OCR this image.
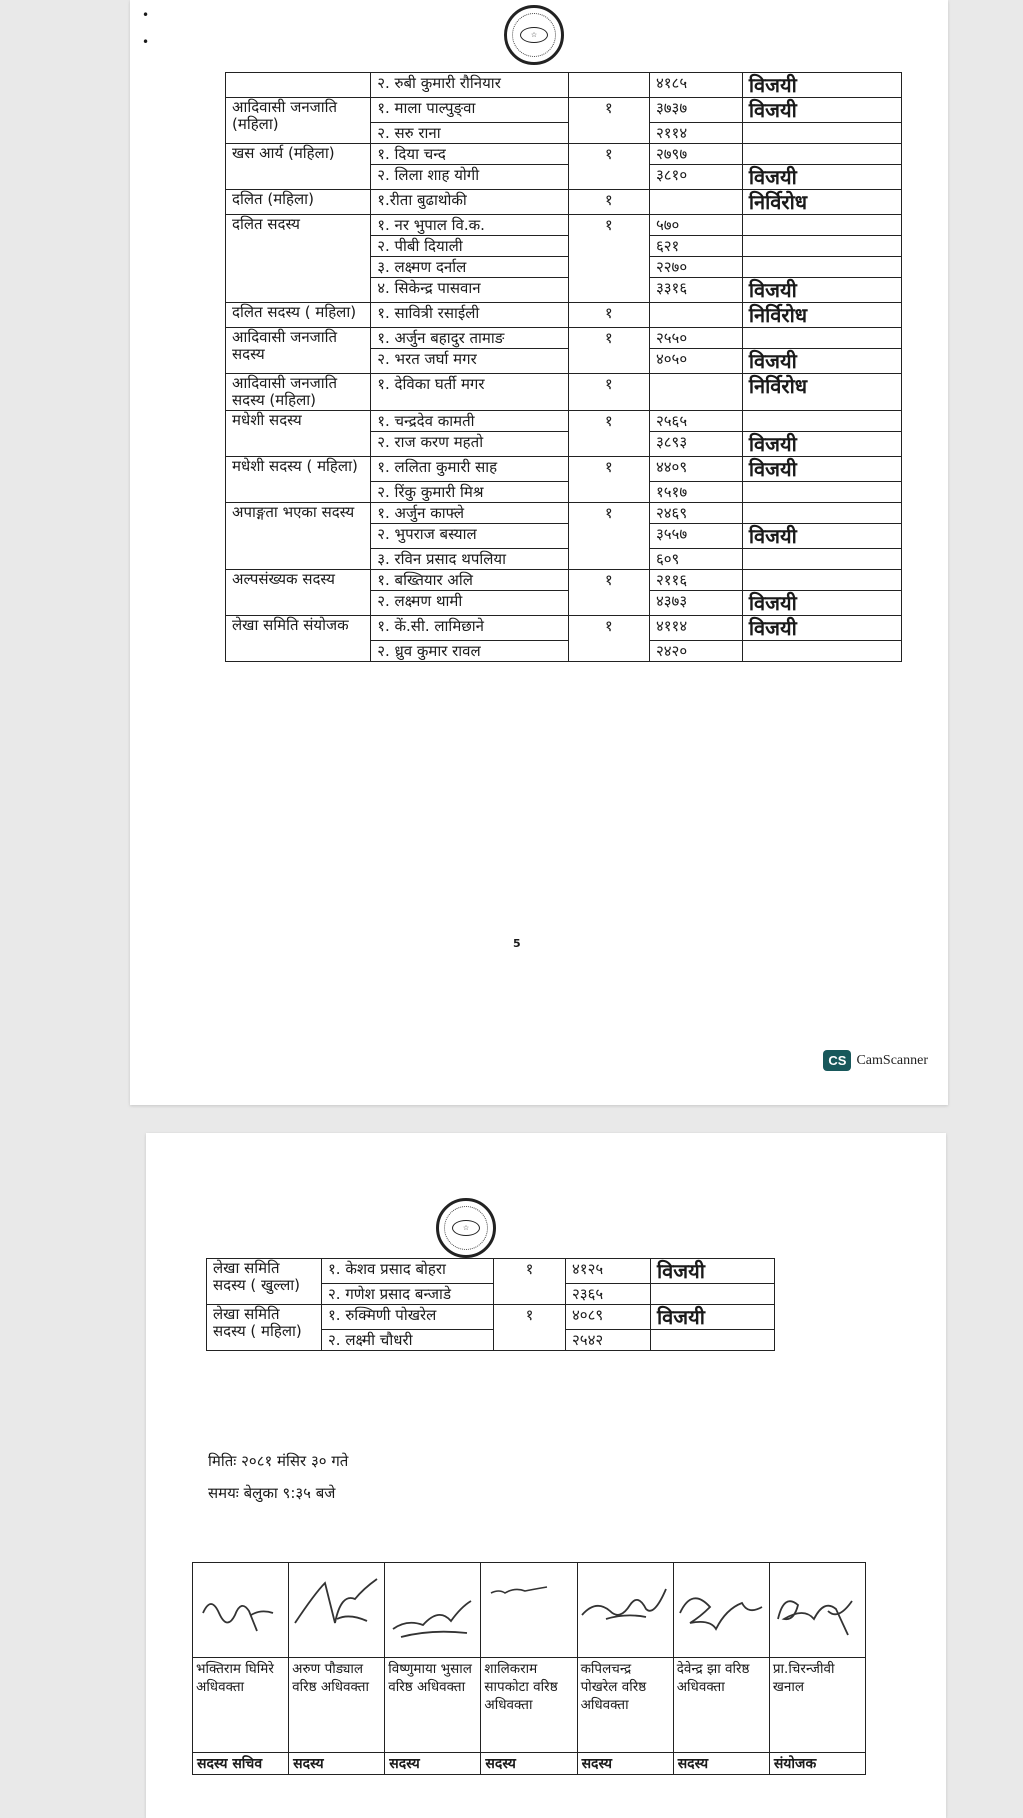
•
•	☆
	२. रुबी कुमारी रौनियार		४१८५	विजयी
आदिवासी जनजाति (महिला)	१. माला पाल्पुङ्वा	१	३७३७	विजयी
	२. सरु राना		२११४	
खस आर्य (महिला)	१. दिया चन्द	१	२७९७	
	२. लिला शाह योगी		३८१०	विजयी
दलित (महिला)	१.रीता बुढाथोकी	१		निर्विरोध
दलित सदस्य	१. नर भुपाल वि.क.	१	५७०	
	२. पीबी दियाली		६२१	
	३. लक्ष्मण दर्नाल		२२७०	
	४. सिकेन्द्र पासवान		३३१६	विजयी
दलित सदस्य ( महिला)	१. सावित्री रसाईली	१		निर्विरोध
आदिवासी जनजाति सदस्य	१. अर्जुन बहादुर तामाङ	१	२५५०	
	२. भरत जर्घा मगर		४०५०	विजयी
आदिवासी जनजाति सदस्य (महिला)	१. देविका घर्ती मगर	१		निर्विरोध
मधेशी सदस्य	१. चन्द्रदेव कामती	१	२५६५	
	२. राज करण महतो		३८९३	विजयी
मधेशी सदस्य ( महिला)	१. ललिता कुमारी साह	१	४४०९	विजयी
	२. रिंकु कुमारी मिश्र		१५१७	
अपाङ्गता भएका सदस्य	१. अर्जुन काफ्ले	१	२४६९	
	२. भुपराज बस्याल		३५५७	विजयी
	३. रविन प्रसाद थपलिया		६०९	
अल्पसंख्यक सदस्य	१. बख्तियार अलि	१	२११६	
	२. लक्ष्मण थामी		४३७३	विजयी
लेखा समिति संयोजक	१. कें.सी. लामिछाने	१	४११४	विजयी
	२. ध्रुव कुमार रावल		२४२०	
5
CS CamScanner
☆
लेखा समिति सदस्य ( खुल्ला)	१. केशव प्रसाद बोहरा	१	४१२५	विजयी
	२. गणेश प्रसाद बन्जाडे		२३६५	
लेखा समिति सदस्य ( महिला)	१. रुक्मिणी पोखरेल	१	४०८९	विजयी
	२. लक्ष्मी चौधरी		२५४२	
मितिः २०८१ मंसिर ३० गते
समयः बेलुका ९:३५ बजे

भक्तिराम घिमिरे अधिवक्ता	अरुण पौड्याल वरिष्ठ अधिवक्ता	विष्णुमाया भुसाल वरिष्ठ अधिवक्ता	शालिकराम सापकोटा वरिष्ठ अधिवक्ता	कपिलचन्द्र पोखरेल वरिष्ठ अधिवक्ता	देवेन्द्र झा वरिष्ठ अधिवक्ता	प्रा.चिरन्जीवी खनाल
सदस्य सचिव	सदस्य	सदस्य	सदस्य	सदस्य	सदस्य	संयोजक
